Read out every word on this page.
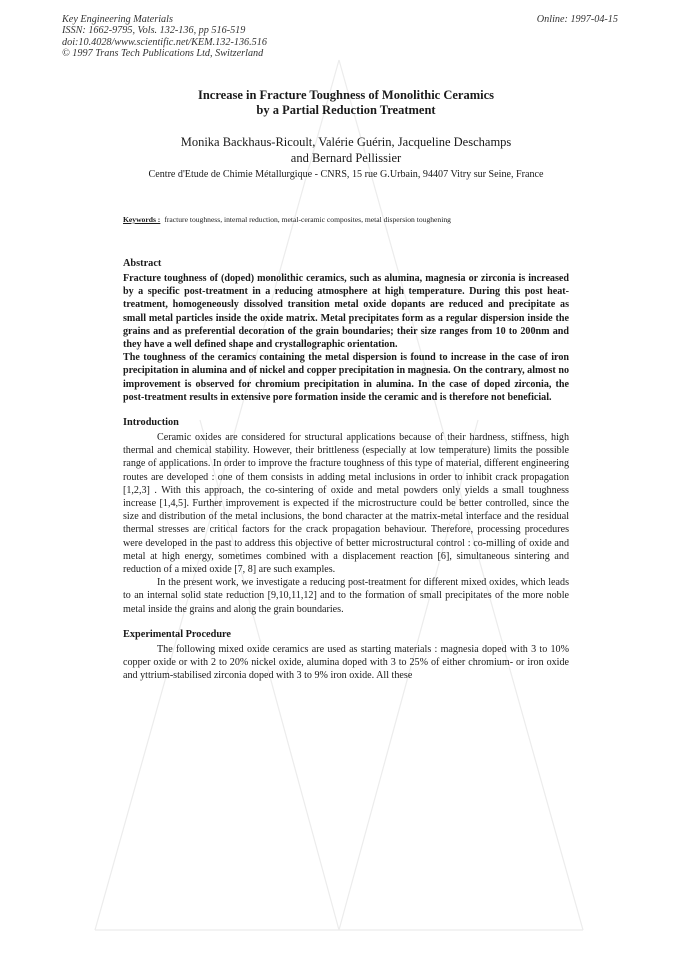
Key Engineering Materials
ISSN: 1662-9795, Vols. 132-136, pp 516-519
doi:10.4028/www.scientific.net/KEM.132-136.516
© 1997 Trans Tech Publications Ltd, Switzerland
Online: 1997-04-15
Increase in Fracture Toughness of Monolithic Ceramics
by a Partial Reduction Treatment
Monika Backhaus-Ricoult, Valérie Guérin, Jacqueline Deschamps
and Bernard Pellissier
Centre d'Etude de Chimie Métallurgique - CNRS, 15 rue G.Urbain, 94407 Vitry sur Seine, France
Keywords : fracture toughness, internal reduction, metal-ceramic composites, metal dispersion toughening
Abstract

Fracture toughness of (doped) monolithic ceramics, such as alumina, magnesia or zirconia is increased by a specific post-treatment in a reducing atmosphere at high temperature. During this post heat-treatment, homogeneously dissolved transition metal oxide dopants are reduced and precipitate as small metal particles inside the oxide matrix. Metal precipitates form as a regular dispersion inside the grains and as preferential decoration of the grain boundaries; their size ranges from 10 to 200nm and they have a well defined shape and crystallographic orientation.

The toughness of the ceramics containing the metal dispersion is found to increase in the case of iron precipitation in alumina and of nickel and copper precipitation in magnesia. On the contrary, almost no improvement is observed for chromium precipitation in alumina. In the case of doped zirconia, the post-treatment results in extensive pore formation inside the ceramic and is therefore not beneficial.

Introduction

Ceramic oxides are considered for structural applications because of their hardness, stiffness, high thermal and chemical stability. However, their brittleness (especially at low temperature) limits the possible range of applications. In order to improve the fracture toughness of this type of material, different engineering routes are developed : one of them consists in adding metal inclusions in order to inhibit crack propagation [1,2,3] . With this approach, the co-sintering of oxide and metal powders only yields a small toughness increase [1,4,5]. Further improvement is expected if the microstructure could be better controlled, since the size and distribution of the metal inclusions, the bond character at the matrix-metal interface and the residual thermal stresses are critical factors for the crack propagation behaviour. Therefore, processing procedures were developed in the past to address this objective of better microstructural control : co-milling of oxide and metal at high energy, sometimes combined with a displacement reaction [6], simultaneous sintering and reduction of a mixed oxide [7, 8] are such examples.

In the present work, we investigate a reducing post-treatment for different mixed oxides, which leads to an internal solid state reduction [9,10,11,12] and to the formation of small precipitates of the more noble metal inside the grains and along the grain boundaries.

Experimental Procedure

The following mixed oxide ceramics are used as starting materials : magnesia doped with 3 to 10% copper oxide or with 2 to 20% nickel oxide, alumina doped with 3 to 25% of either chromium- or iron oxide and yttrium-stabilised zirconia doped with 3 to 9% iron oxide. All these
